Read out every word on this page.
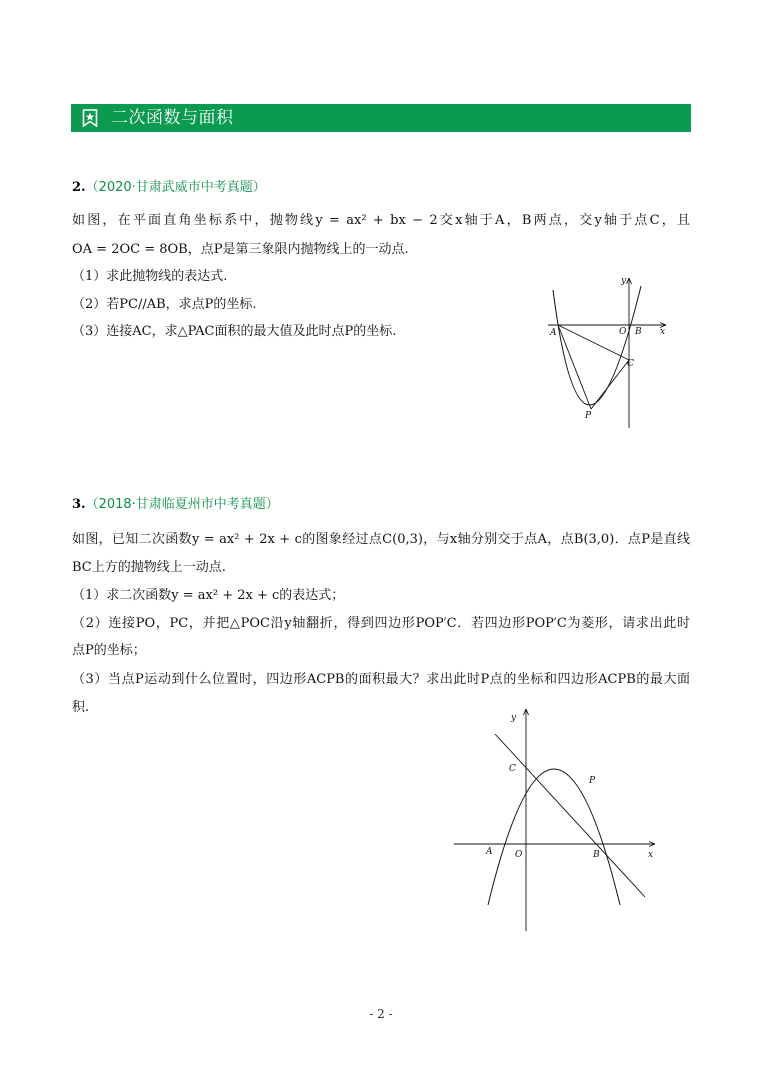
二次函数与面积
2.（2020·甘肃武威市中考真题）
如图，在平面直角坐标系中，抛物线y = ax² + bx − 2交x轴于A，B两点，交y轴于点C，且
OA = 2OC = 8OB，点P是第三象限内抛物线上的一动点.
（1）求此抛物线的表达式.
（2）若PC//AB，求点P的坐标.
（3）连接AC，求△PAC面积的最大值及此时点P的坐标.
y
x
O B
A
C
P
3.（2018·甘肃临夏州市中考真题）
如图，已知二次函数y = ax² + 2x + c的图象经过点C(0,3)，与x轴分别交于点A，点B(3,0)．点P是直线
BC上方的抛物线上一动点.
（1）求二次函数y = ax² + 2x + c的表达式；
（2）连接PO，PC，并把△POC沿y轴翻折，得到四边形POP′C．若四边形POP′C为菱形，请求出此时
点P的坐标；
（3）当点P运动到什么位置时，四边形ACPB的面积最大？求出此时P点的坐标和四边形ACPB的最大面
积.
y
x
O
A	B
C
P
- 2 -
